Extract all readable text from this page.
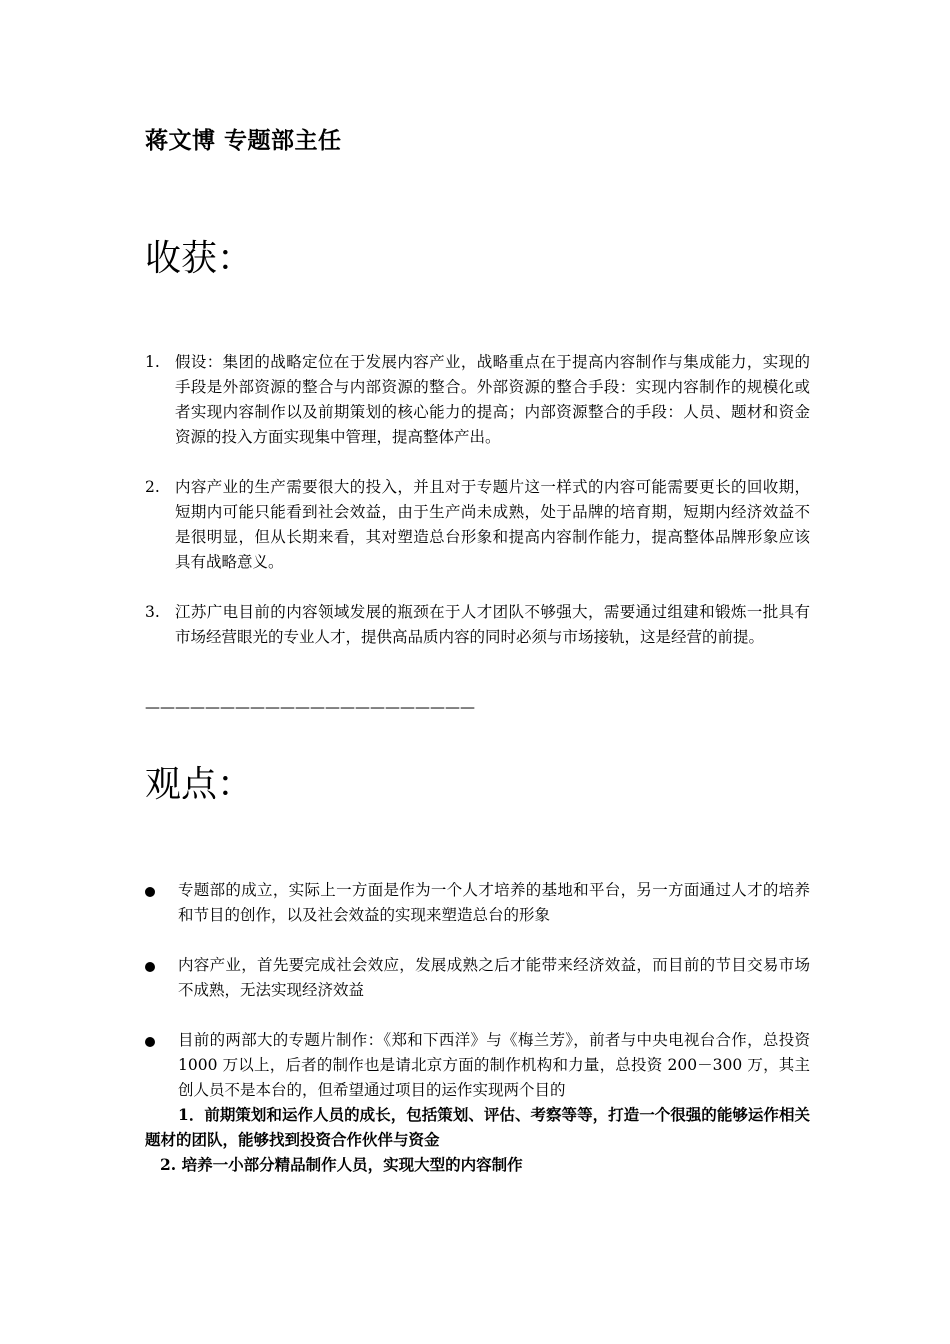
蒋文博 专题部主任
收获：
1. 假设：集团的战略定位在于发展内容产业，战略重点在于提高内容制作与集成能力，实现的手段是外部资源的整合与内部资源的整合。外部资源的整合手段：实现内容制作的规模化或者实现内容制作以及前期策划的核心能力的提高；内部资源整合的手段：人员、题材和资金资源的投入方面实现集中管理，提高整体产出。
2. 内容产业的生产需要很大的投入，并且对于专题片这一样式的内容可能需要更长的回收期，短期内可能只能看到社会效益，由于生产尚未成熟，处于品牌的培育期，短期内经济效益不是很明显，但从长期来看，其对塑造总台形象和提高内容制作能力，提高整体品牌形象应该具有战略意义。
3. 江苏广电目前的内容领域发展的瓶颈在于人才团队不够强大，需要通过组建和锻炼一批具有市场经营眼光的专业人才，提供高品质内容的同时必须与市场接轨，这是经营的前提。
——————————————————————
观点：
专题部的成立，实际上一方面是作为一个人才培养的基地和平台，另一方面通过人才的培养和节目的创作，以及社会效益的实现来塑造总台的形象
内容产业，首先要完成社会效应，发展成熟之后才能带来经济效益，而目前的节目交易市场不成熟，无法实现经济效益
目前的两部大的专题片制作：《郑和下西洋》与《梅兰芳》，前者与中央电视台合作，总投资 1000 万以上，后者的制作也是请北京方面的制作机构和力量，总投资 200－300 万，其主创人员不是本台的，但希望通过项目的运作实现两个目的

1．前期策划和运作人员的成长，包括策划、评估、考察等等，打造一个很强的能够运作相关题材的团队，能够找到投资合作伙伴与资金

2. 培养一小部分精品制作人员，实现大型的内容制作
